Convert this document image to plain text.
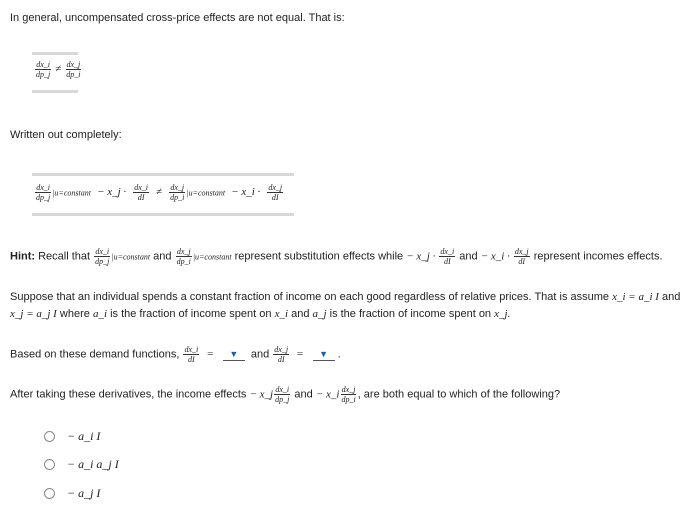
In general, uncompensated cross-price effects are not equal. That is:
$\frac{dx\_i}{dp\_j} \ne \frac{dx\_j}{dp\_i}$
Written out completely:
$\frac{dx\_i}{dp\_j}$ |u=constant − x_j · $\frac{dx\_i}{dI} \ne \frac{dx\_j}{dp\_i}$ |u=constant − x_i · $\frac{dx\_j}{dI}$
Hint: Recall that $\frac{dx\_i}{dp\_j}$ |u=constant and $\frac{dx\_j}{dp\_i}$ |u=constant represent substitution effects while − x_j · $\frac{dx\_i}{dI}$ and − x_i · $\frac{dx\_j}{dI}$ represent incomes effects.
Suppose that an individual spends a constant fraction of income on each good regardless of relative prices. That is assume x_i = a_i I and
x_j = a_j I where a_i is the fraction of income spent on x_i and a_j is the fraction of income spent on x_j.
Based on these demand functions, $\frac{dx\_i}{dI}$ = ▼ and $\frac{dx\_j}{dI}$ = ▼ .
After taking these derivatives, the income effects − x_j $\frac{dx\_i}{dp\_j}$ and − x_i $\frac{dx\_j}{dp\_i}$ , are both equal to which of the following?
− a_i I
− a_i a_j I
− a_j I
